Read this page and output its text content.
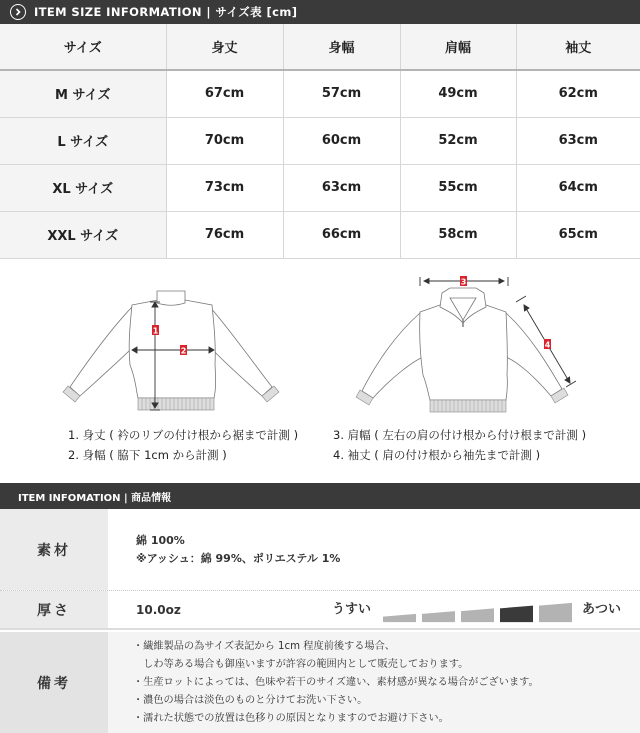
ITEM SIZE INFORMATION | サイズ表 [cm]
サイズ	身丈	身幅	肩幅	袖丈
M サイズ	67cm	57cm	49cm	62cm
L サイズ	70cm	60cm	52cm	63cm
XL サイズ	73cm	63cm	55cm	64cm
XXL サイズ	76cm	66cm	58cm	65cm
1
2
3
4
1. 身丈 ( 衿のリブの付け根から裾まで計測 )
2. 身幅 ( 脇下 1cm から計測 )
3. 肩幅 ( 左右の肩の付け根から付け根まで計測 )
4. 袖丈 ( 肩の付け根から袖先まで計測 )
ITEM INFOMATION | 商品情報
素材
綿 100%
※アッシュ：綿 99%、ポリエステル 1%
厚さ	10.0oz	うすい	あつい
備考
・繊維製品の為サイズ表記から 1cm 程度前後する場合、
　しわ等ある場合も御座いますが許容の範囲内として販売しております。
・生産ロットによっては、色味や若干のサイズ違い、素材感が異なる場合がございます。
・濃色の場合は淡色のものと分けてお洗い下さい。
・濡れた状態での放置は色移りの原因となりますのでお避け下さい。
